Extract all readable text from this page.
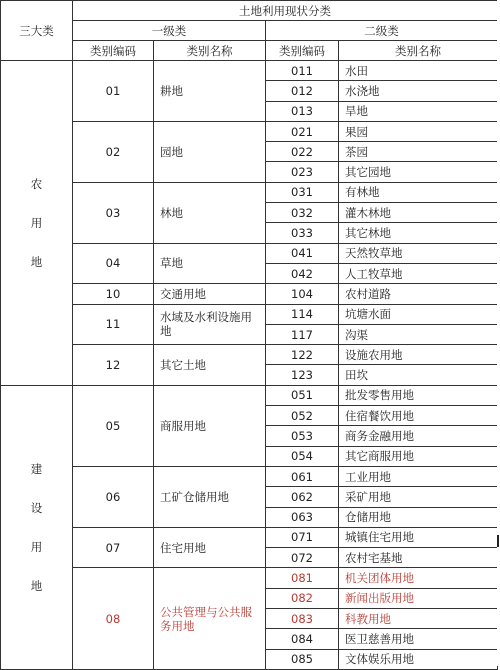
三大类	土地利用现状分类			
	一级类		二级类	
	类别编码	类别名称	类别编码	类别名称

农
用
地	01	耕地	011	水田
			012	水浇地
			013	旱地
	02	园地	021	果园
			022	茶园
			023	其它园地
	03	林地	031	有林地
			032	灌木林地
			033	其它林地
	04	草地	041	天然牧草地
			042	人工牧草地
	10	交通用地	104	农村道路
	11	水域及水利设施用地	114	坑塘水面
			117	沟渠
	12	其它土地	122	设施农用地
			123	田坎

建
设
用
地	05	商服用地	051	批发零售用地
			052	住宿餐饮用地
			053	商务金融用地
			054	其它商服用地
	06	工矿仓储用地	061	工业用地
			062	采矿用地
			063	仓储用地
	07	住宅用地	071	城镇住宅用地
			072	农村宅基地
	08	公共管理与公共服务用地	081	机关团体用地
			082	新闻出版用地
			083	科教用地
			084	医卫慈善用地
			085	文体娱乐用地
